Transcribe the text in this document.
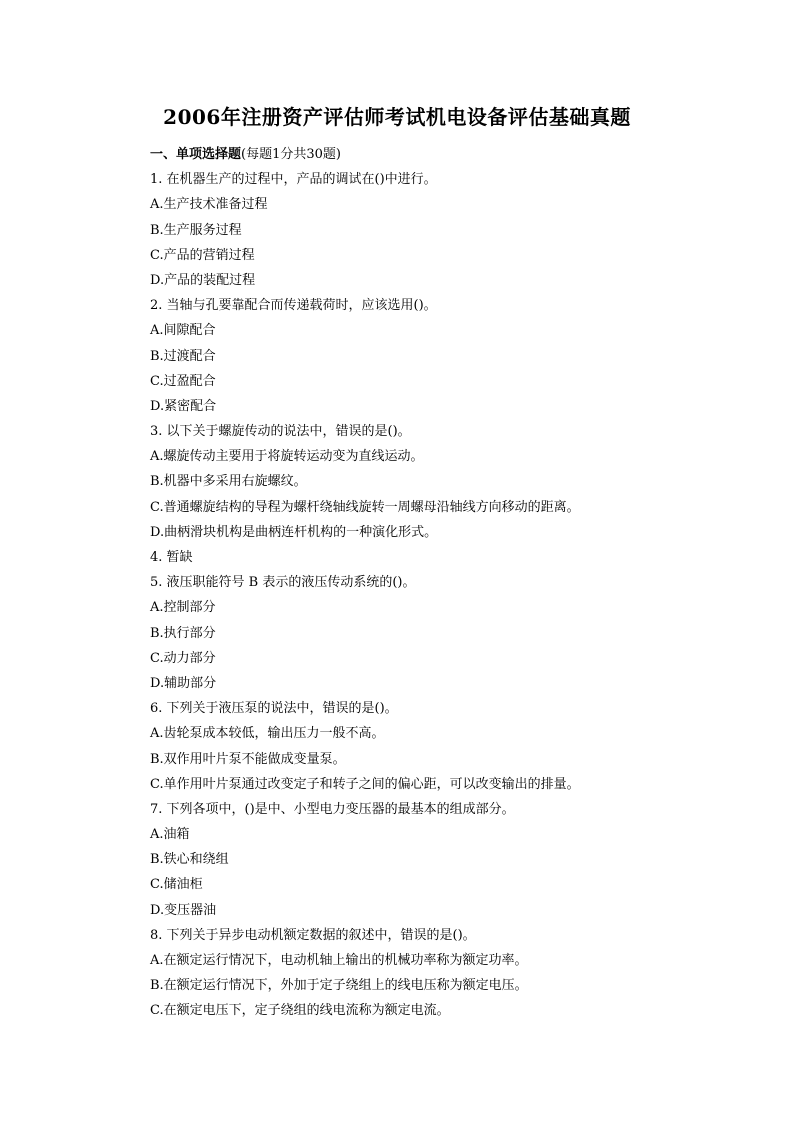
2006年注册资产评估师考试机电设备评估基础真题
一、单项选择题(每题1分共30题)
1. 在机器生产的过程中，产品的调试在()中进行。
A.生产技术准备过程
B.生产服务过程
C.产品的营销过程
D.产品的装配过程
2. 当轴与孔要靠配合而传递载荷时，应该选用()。
A.间隙配合
B.过渡配合
C.过盈配合
D.紧密配合
3. 以下关于螺旋传动的说法中，错误的是()。
A.螺旋传动主要用于将旋转运动变为直线运动。
B.机器中多采用右旋螺纹。
C.普通螺旋结构的导程为螺杆绕轴线旋转一周螺母沿轴线方向移动的距离。
D.曲柄滑块机构是曲柄连杆机构的一种演化形式。
4. 暂缺
5. 液压职能符号 B 表示的液压传动系统的()。
A.控制部分
B.执行部分
C.动力部分
D.辅助部分
6. 下列关于液压泵的说法中，错误的是()。
A.齿轮泵成本较低，输出压力一般不高。
B.双作用叶片泵不能做成变量泵。
C.单作用叶片泵通过改变定子和转子之间的偏心距，可以改变输出的排量。
7. 下列各项中，()是中、小型电力变压器的最基本的组成部分。
A.油箱
B.铁心和绕组
C.储油柜
D.变压器油
8. 下列关于异步电动机额定数据的叙述中，错误的是()。
A.在额定运行情况下，电动机轴上输出的机械功率称为额定功率。
B.在额定运行情况下，外加于定子绕组上的线电压称为额定电压。
C.在额定电压下，定子绕组的线电流称为额定电流。
